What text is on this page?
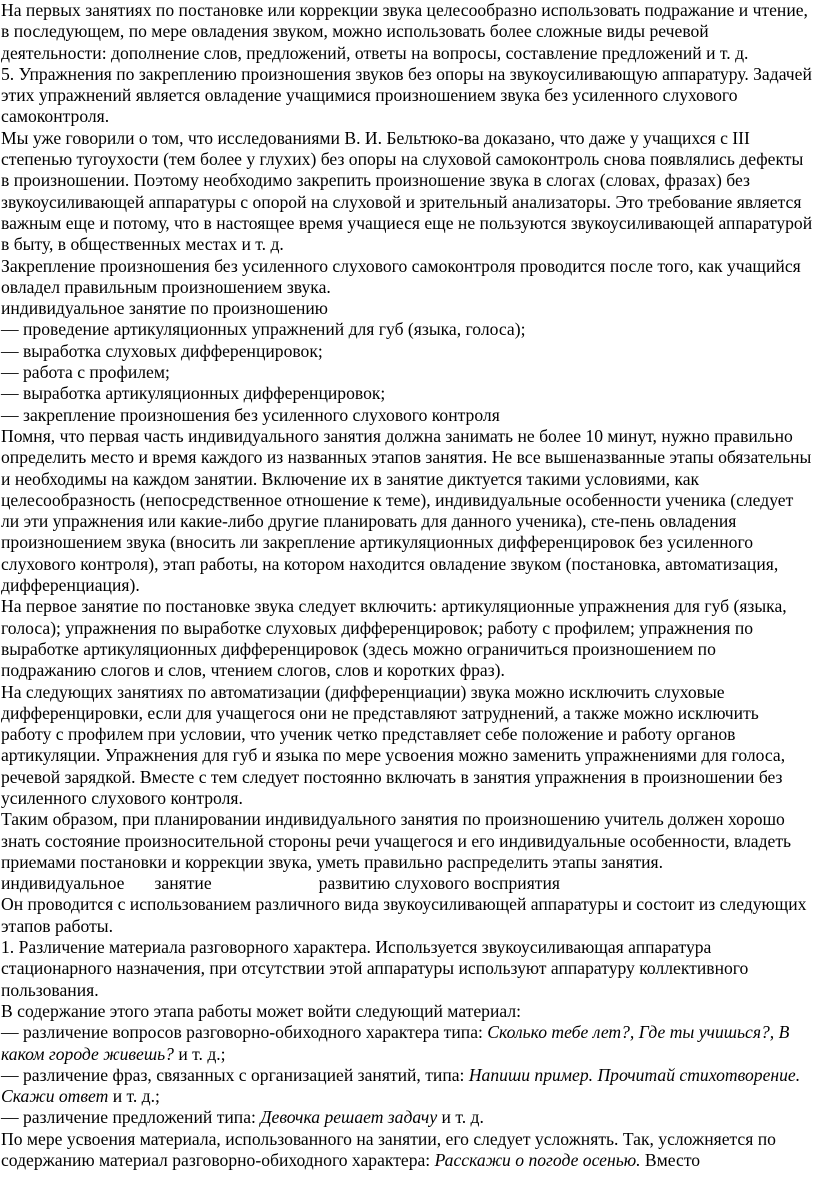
На первых занятиях по постановке или коррекции звука целесообразно использовать подражание и чтение, в последующем, по мере овладения звуком, можно использовать более сложные виды речевой деятельности: дополнение слов, предложений, ответы на вопросы, составление предложений и т. д.

5. Упражнения по закреплению произношения звуков без опоры на звукоусиливающую аппаратуру. Задачей этих упражнений является овладение учащимися произношением звука без усиленного слухового самоконтроля.

Мы уже говорили о том, что исследованиями В. И. Бельтюко-ва доказано, что даже у учащихся с III степенью тугоухости (тем более у глухих) без опоры на слуховой самоконтроль снова появлялись дефекты в произношении. Поэтому необходимо закрепить произношение звука в слогах (словах, фразах) без звукоусиливающей аппаратуры с опорой на слуховой и зрительный анализаторы. Это требование является важным еще и потому, что в настоящее время учащиеся еще не пользуются звукоусиливающей аппаратурой в быту, в общественных местах и т. д.

Закрепление произношения без усиленного слухового самоконтроля проводится после того, как учащийся овладел правильным произношением звука.

индивидуальное занятие по произношению

— проведение артикуляционных упражнений для губ (языка, голоса);

— выработка слуховых дифференцировок;

— работа с профилем;

— выработка артикуляционных дифференцировок;

— закрепление произношения без усиленного слухового контроля

Помня, что первая часть индивидуального занятия должна занимать не более 10 минут, нужно правильно определить место и время каждого из названных этапов занятия. Не все вышеназванные этапы обязательны и необходимы на каждом занятии. Включение их в занятие диктуется такими условиями, как целесообразность (непосредственное отношение к теме), индивидуальные особенности ученика (следует ли эти упражнения или какие-либо другие планировать для данного ученика), сте-пень овладения произношением звука (вносить ли закрепление артикуляционных дифференцировок без усиленного слухового контроля), этап работы, на котором находится овладение звуком (постановка, автоматизация, дифференциация).

На первое занятие по постановке звука следует включить: артикуляционные упражнения для губ (языка, голоса); упражнения по выработке слуховых дифференцировок; работу с профилем; упражнения по выработке артикуляционных дифференцировок (здесь можно ограничиться произношением по подражанию слогов и слов, чтением слогов, слов и коротких фраз).

На следующих занятиях по автоматизации (дифференциации) звука можно исключить слуховые дифференцировки, если для учащегося они не представляют затруднений, а также можно исключить работу с профилем при условии, что ученик четко представляет себе положение и работу органов артикуляции. Упражнения для губ и языка по мере усвоения можно заменить упражнениями для голоса, речевой зарядкой. Вместе с тем следует постоянно включать в занятия упражнения в произношении без усиленного слухового контроля.

Таким образом, при планировании индивидуального занятия по произношению учитель должен хорошо знать состояние произносительной стороны речи учащегося и его индивидуальные особенности, владеть приемами постановки и коррекции звука, уметь правильно распределить этапы занятия.

индивидуальное занятие	развитию слухового восприятия

Он проводится с использованием различного вида звукоусиливающей аппаратуры и состоит из следующих этапов работы.

1. Различение материала разговорного характера. Используется звукоусиливающая аппаратура стационарного назначения, при отсутствии этой аппаратуры используют аппаратуру коллективного пользования.

В содержание этого этапа работы может войти следующий материал:

— различение вопросов разговорно-обиходного характера типа: Сколько тебе лет?, Где ты учишься?, В каком городе живешь? и т. д.;

— различение фраз, связанных с организацией занятий, типа: Напиши пример. Прочитай стихотворение. Скажи ответ и т. д.;

— различение предложений типа: Девочка решает задачу и т. д.

По мере усвоения материала, использованного на занятии, его следует усложнять. Так, усложняется по содержанию материал разговорно-обиходного характера: Расскажи о погоде осенью. Вместо
